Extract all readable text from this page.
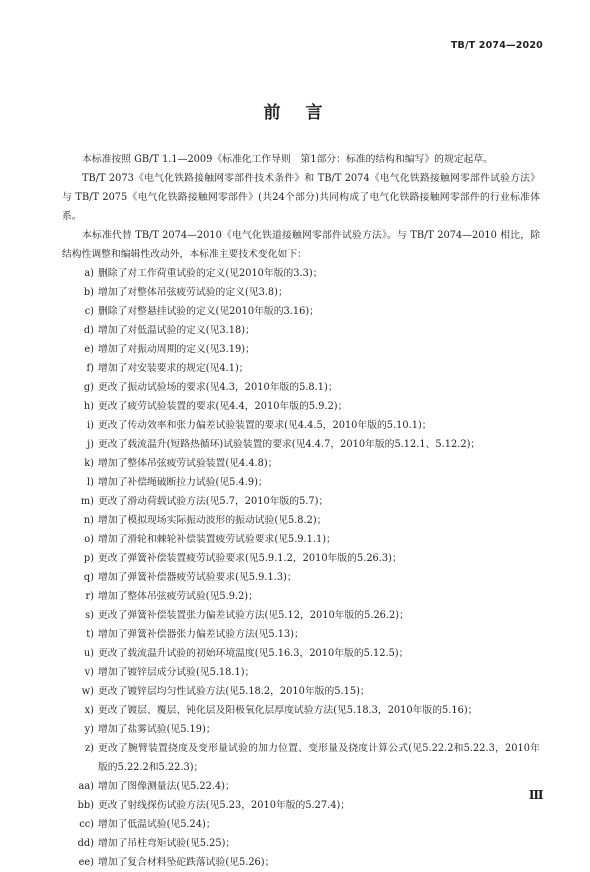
TB/T 2074—2020
前　言
本标准按照 GB/T 1.1—2009《标准化工作导则　第1部分：标准的结构和编写》的规定起草。
TB/T 2073《电气化铁路接触网零部件技术条件》和 TB/T 2074《电气化铁路接触网零部件试验方法》与 TB/T 2075《电气化铁路接触网零部件》(共24个部分)共同构成了电气化铁路接触网零部件的行业标准体系。
本标准代替 TB/T 2074—2010《电气化铁道接触网零部件试验方法》。与 TB/T 2074—2010 相比，除结构性调整和编辑性改动外，本标准主要技术变化如下：
a) 删除了对工作荷重试验的定义(见2010年版的3.3)；
b) 增加了对整体吊弦疲劳试验的定义(见3.8)；
c) 删除了对整悬挂试验的定义(见2010年版的3.16)；
d) 增加了对低温试验的定义(见3.18)；
e) 增加了对振动周期的定义(见3.19)；
f) 增加了对安装要求的规定(见4.1)；
g) 更改了振动试验场的要求(见4.3，2010年版的5.8.1)；
h) 更改了疲劳试验装置的要求(见4.4，2010年版的5.9.2)；
i) 更改了传动效率和张力偏差试验装置的要求(见4.4.5，2010年版的5.10.1)；
j) 更改了载流温升(短路热循环)试验装置的要求(见4.4.7，2010年版的5.12.1、5.12.2)；
k) 增加了整体吊弦疲劳试验装置(见4.4.8)；
l) 增加了补偿绳破断拉力试验(见5.4.9)；
m) 更改了滑动荷载试验方法(见5.7，2010年版的5.7)；
n) 增加了模拟现场实际振动波形的振动试验(见5.8.2)；
o) 增加了滑轮和棘轮补偿装置疲劳试验要求(见5.9.1.1)；
p) 更改了弹簧补偿装置疲劳试验要求(见5.9.1.2，2010年版的5.26.3)；
q) 增加了弹簧补偿器疲劳试验要求(见5.9.1.3)；
r) 增加了整体吊弦疲劳试验(见5.9.2)；
s) 更改了弹簧补偿装置张力偏差试验方法(见5.12，2010年版的5.26.2)；
t) 增加了弹簧补偿器张力偏差试验方法(见5.13)；
u) 更改了载流温升试验的初始环境温度(见5.16.3，2010年版的5.12.5)；
v) 增加了镀锌层成分试验(见5.18.1)；
w) 更改了镀锌层均匀性试验方法(见5.18.2，2010年版的5.15)；
x) 更改了镀层、覆层、钝化层及阳极氧化层厚度试验方法(见5.18.3，2010年版的5.16)；
y) 增加了盐雾试验(见5.19)；
z) 更改了腕臂装置挠度及变形量试验的加力位置、变形量及挠度计算公式(见5.22.2和5.22.3，2010年版的5.22.2和5.22.3)；
aa) 增加了图像测量法(见5.22.4)；
bb) 更改了射线探伤试验方法(见5.23，2010年版的5.27.4)；
cc) 增加了低温试验(见5.24)；
dd) 增加了吊柱弯矩试验(见5.25)；
ee) 增加了复合材料坠砣跌落试验(见5.26)；
Ⅲ
